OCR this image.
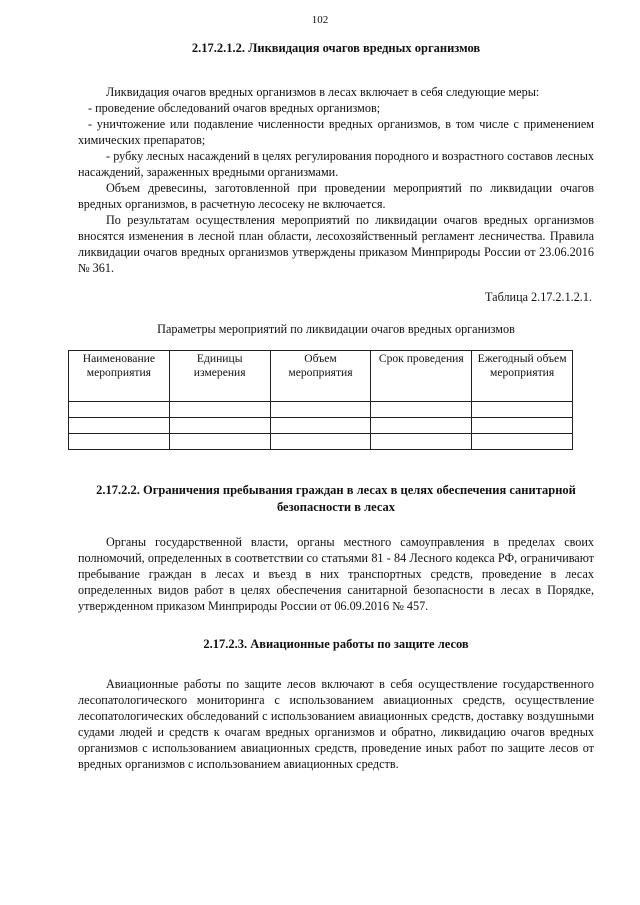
102
2.17.2.1.2. Ликвидация очагов вредных организмов

Ликвидация очагов вредных организмов в лесах включает в себя следующие меры:

- проведение обследований очагов вредных организмов;

- уничтожение или подавление численности вредных организмов, в том числе с применением химических препаратов;

- рубку лесных насаждений в целях регулирования породного и возрастного составов лесных насаждений, зараженных вредными организмами.

Объем древесины, заготовленной при проведении мероприятий по ликвидации очагов вредных организмов, в расчетную лесосеку не включается.

По результатам осуществления мероприятий по ликвидации очагов вредных организмов вносятся изменения в лесной план области, лесохозяйственный регламент лесничества. Правила ликвидации очагов вредных организмов утверждены приказом Минприроды России от 23.06.2016 № 361.

Таблица 2.17.2.1.2.1.
Параметры мероприятий по ликвидации очагов вредных организмов
Наименование мероприятия	Единицы измерения	Объем мероприятия	Срок проведения	Ежегодный объем мероприятия

2.17.2.2. Ограничения пребывания граждан в лесах в целях обеспечения санитарной безопасности в лесах

Органы государственной власти, органы местного самоуправления в пределах своих полномочий, определенных в соответствии со статьями 81 - 84 Лесного кодекса РФ, ограничивают пребывание граждан в лесах и въезд в них транспортных средств, проведение в лесах определенных видов работ в целях обеспечения санитарной безопасности в лесах в Порядке, утвержденном приказом Минприроды России от 06.09.2016 № 457.

2.17.2.3. Авиационные работы по защите лесов

Авиационные работы по защите лесов включают в себя осуществление государственного лесопатологического мониторинга с использованием авиационных средств, осуществление лесопатологических обследований с использованием авиационных средств, доставку воздушными судами людей и средств к очагам вредных организмов и обратно, ликвидацию очагов вредных организмов с использованием авиационных средств, проведение иных работ по защите лесов от вредных организмов с использованием авиационных средств.
